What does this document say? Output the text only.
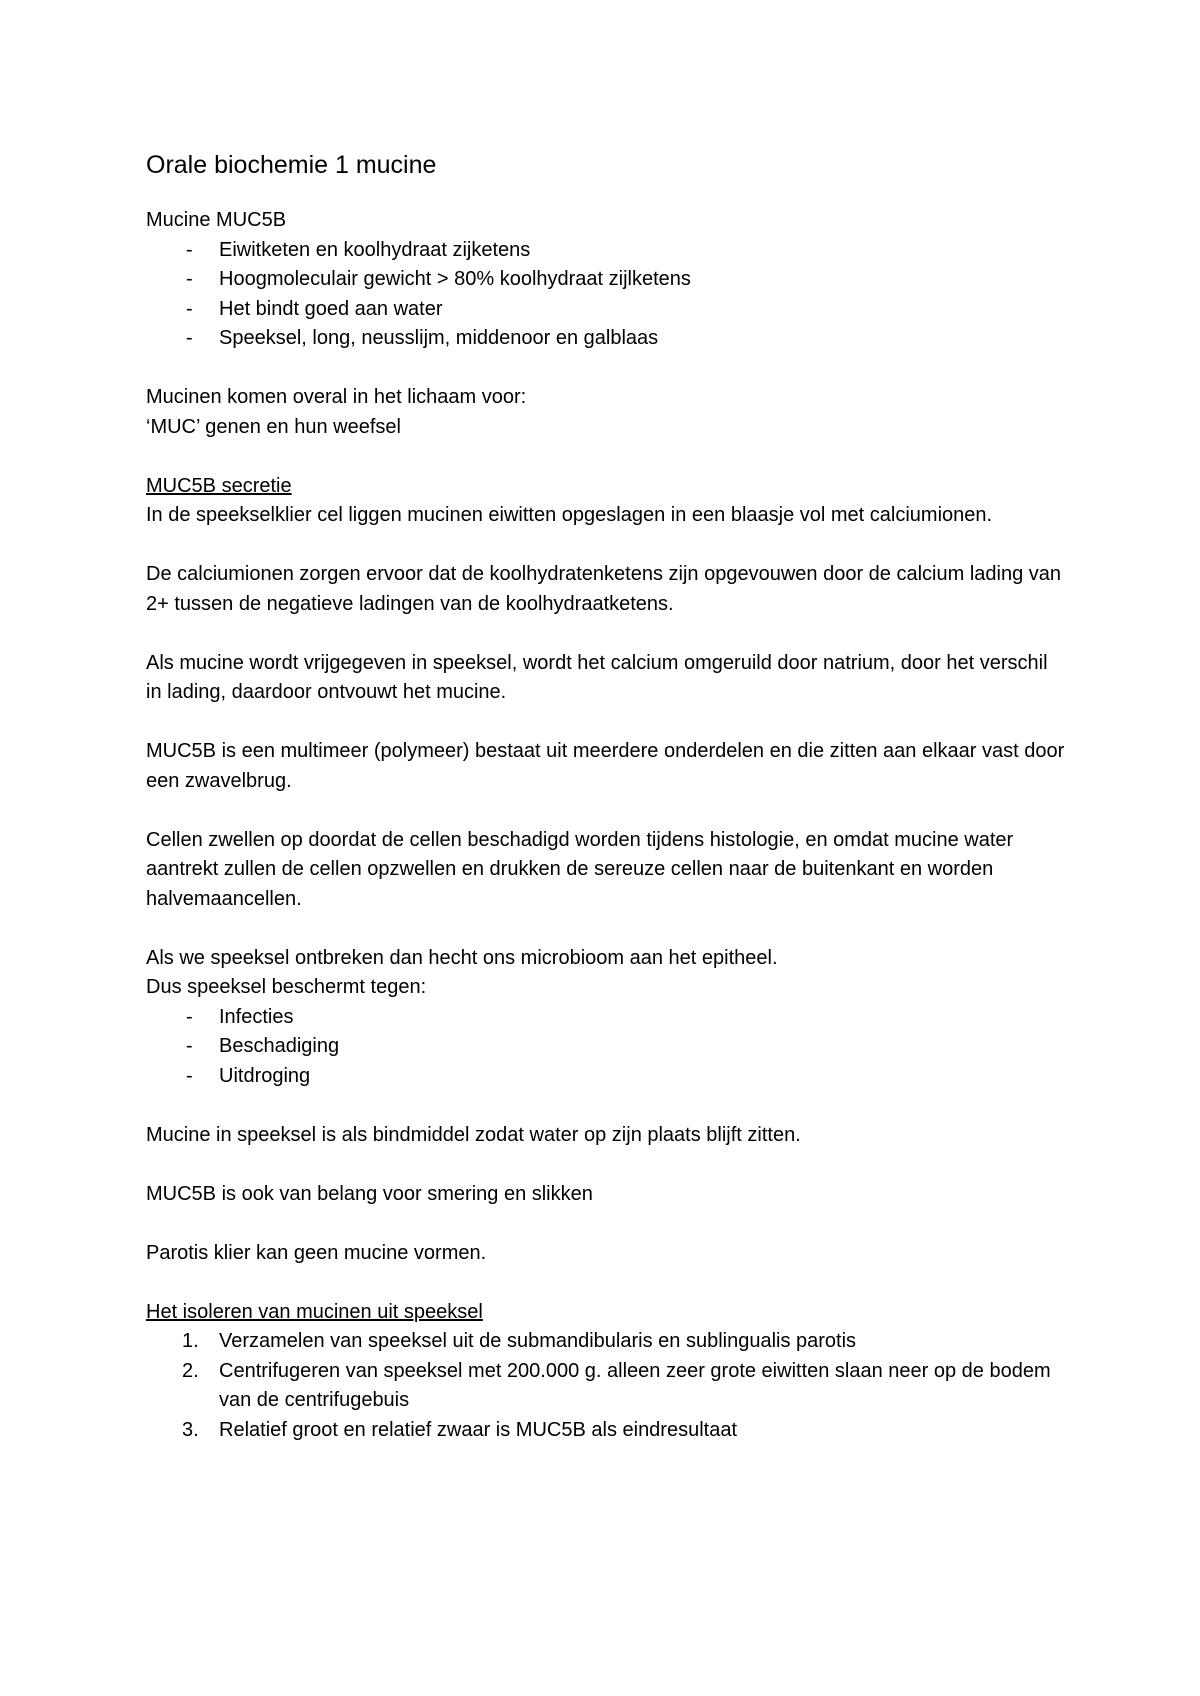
Orale biochemie 1 mucine
Mucine MUC5B
- Eiwitketen en koolhydraat zijketens
- Hoogmoleculair gewicht > 80% koolhydraat zijlketens
- Het bindt goed aan water
- Speeksel, long, neusslijm, middenoor en galblaas
Mucinen komen overal in het lichaam voor:
‘MUC’ genen en hun weefsel
MUC5B secretie
In de speekselklier cel liggen mucinen eiwitten opgeslagen in een blaasje vol met calciumionen.
De calciumionen zorgen ervoor dat de koolhydratenketens zijn opgevouwen door de calcium lading van 2+ tussen de negatieve ladingen van de koolhydraatketens.
Als mucine wordt vrijgegeven in speeksel, wordt het calcium omgeruild door natrium, door het verschil in lading, daardoor ontvouwt het mucine.
MUC5B is een multimeer (polymeer) bestaat uit meerdere onderdelen en die zitten aan elkaar vast door een zwavelbrug.
Cellen zwellen op doordat de cellen beschadigd worden tijdens histologie, en omdat mucine water aantrekt zullen de cellen opzwellen en drukken de sereuze cellen naar de buitenkant en worden halvemaancellen.
Als we speeksel ontbreken dan hecht ons microbioom aan het epitheel.
Dus speeksel beschermt tegen:
- Infecties
- Beschadiging
- Uitdroging
Mucine in speeksel is als bindmiddel zodat water op zijn plaats blijft zitten.
MUC5B is ook van belang voor smering en slikken
Parotis klier kan geen mucine vormen.
Het isoleren van mucinen uit speeksel
1. Verzamelen van speeksel uit de submandibularis en sublingualis parotis
2. Centrifugeren van speeksel met 200.000 g. alleen zeer grote eiwitten slaan neer op de bodem van de centrifugebuis
3. Relatief groot en relatief zwaar is MUC5B als eindresultaat
